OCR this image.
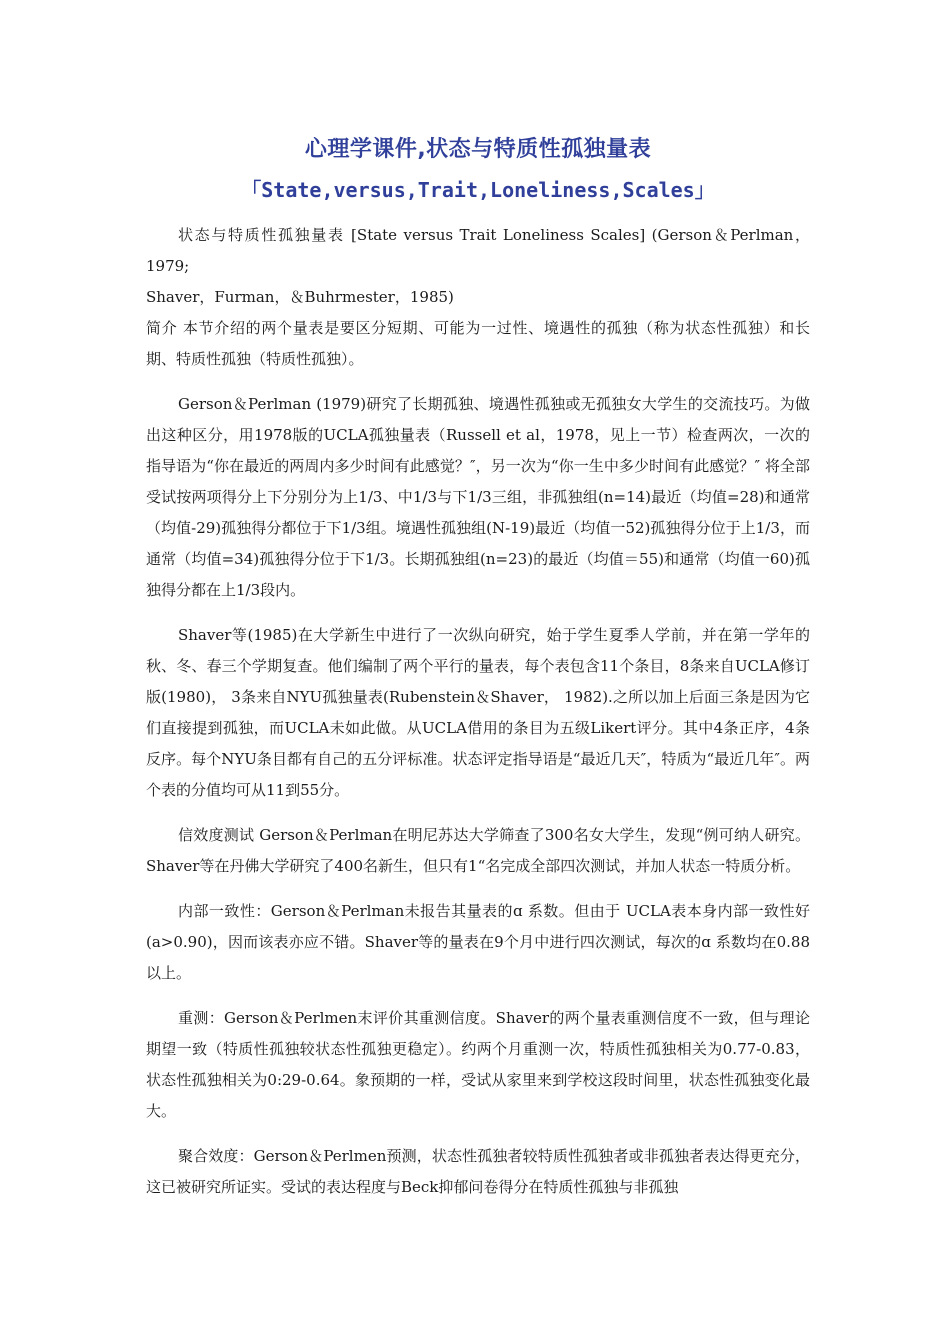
心理学课件,状态与特质性孤独量表
「State,versus,Trait,Loneliness,Scales」

状态与特质性孤独量表 [State versus Trait Loneliness Scales] (Gerson＆Perlman，1979;

Shaver，Furman，＆Buhrmester，1985)

简介 本节介绍的两个量表是要区分短期、可能为一过性、境遇性的孤独（称为状态性孤独）和长期、特质性孤独（特质性孤独）。

Gerson＆Perlman (1979)研究了长期孤独、境遇性孤独或无孤独女大学生的交流技巧。为做出这种区分，用1978版的UCLA孤独量表（Russell et al，1978，见上一节）检查两次，一次的指导语为“你在最近的两周内多少时间有此感觉？″，另一次为“你一生中多少时间有此感觉？″ 将全部受试按两项得分上下分别分为上1/3、中1/3与下1/3三组，非孤独组(n=14)最近（均值=28)和通常（均值-29)孤独得分都位于下1/3组。境遇性孤独组(N-19)最近（均值一52)孤独得分位于上1/3，而通常（均值=34)孤独得分位于下1/3。长期孤独组(n=23)的最近（均值＝55)和通常（均值一60)孤独得分都在上1/3段内。

Shaver等(1985)在大学新生中进行了一次纵向研究，始于学生夏季人学前，并在第一学年的秋、冬、春三个学期复查。他们编制了两个平行的量表，每个表包含11个条目，8条来自UCLA修订版(1980)， 3条来自NYU孤独量表(Rubenstein＆Shaver， 1982).之所以加上后面三条是因为它们直接提到孤独，而UCLA未如此做。从UCLA借用的条目为五级Likert评分。其中4条正序，4条反序。每个NYU条目都有自己的五分评标准。状态评定指导语是“最近几天″，特质为“最近几年″。两个表的分值均可从11到55分。

信效度测试 Gerson＆Perlman在明尼苏达大学筛查了300名女大学生，发现“例可纳人研究。Shaver等在丹佛大学研究了400名新生，但只有1“名完成全部四次测试，并加人状态一特质分析。

内部一致性：Gerson＆Perlman未报告其量表的ɑ 系数。但由于 UCLA表本身内部一致性好(a>0.90)，因而该表亦应不错。Shaver等的量表在9个月中进行四次测试，每次的ɑ 系数均在0.88以上。

重测：Gerson＆Perlmen末评价其重测信度。Shaver的两个量表重测信度不一致，但与理论期望一致（特质性孤独较状态性孤独更稳定）。约两个月重测一次，特质性孤独相关为0.77-0.83，状态性孤独相关为0:29-0.64。象预期的一样，受试从家里来到学校这段时间里，状态性孤独变化最大。

聚合效度：Gerson＆Perlmen预测，状态性孤独者较特质性孤独者或非孤独者表达得更充分，这已被研究所证实。受试的表达程度与Beck抑郁问卷得分在特质性孤独与非孤独
